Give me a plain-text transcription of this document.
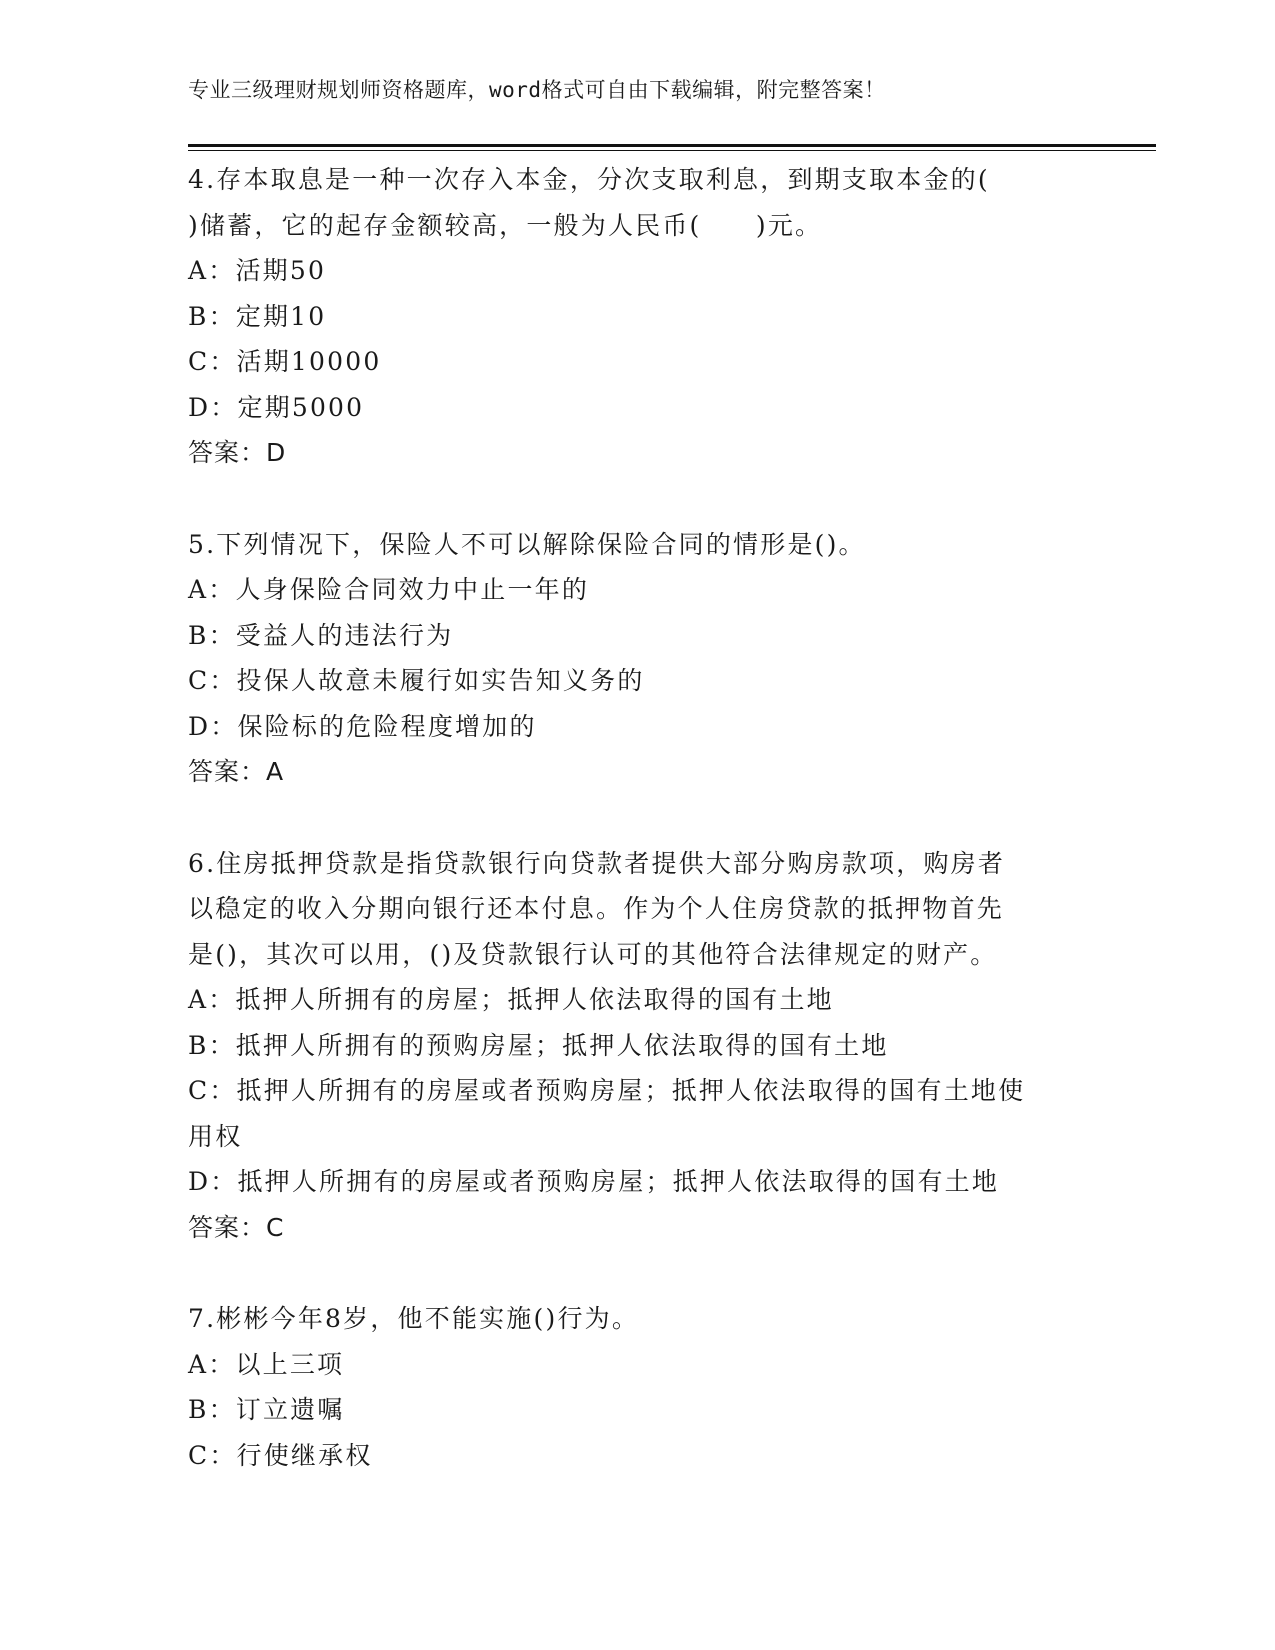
专业三级理财规划师资格题库，word格式可自由下载编辑，附完整答案！
4.存本取息是一种一次存入本金，分次支取利息，到期支取本金的(
)储蓄，它的起存金额较高，一般为人民币(　　)元。
A：活期50
B：定期10
C：活期10000
D：定期5000
答案：D
5.下列情况下，保险人不可以解除保险合同的情形是()。
A：人身保险合同效力中止一年的
B：受益人的违法行为
C：投保人故意未履行如实告知义务的
D：保险标的危险程度增加的
答案：A
6.住房抵押贷款是指贷款银行向贷款者提供大部分购房款项，购房者
以稳定的收入分期向银行还本付息。作为个人住房贷款的抵押物首先
是()，其次可以用，()及贷款银行认可的其他符合法律规定的财产。
A：抵押人所拥有的房屋；抵押人依法取得的国有土地
B：抵押人所拥有的预购房屋；抵押人依法取得的国有土地
C：抵押人所拥有的房屋或者预购房屋；抵押人依法取得的国有土地使
用权
D：抵押人所拥有的房屋或者预购房屋；抵押人依法取得的国有土地
答案：C
7.彬彬今年8岁，他不能实施()行为。
A：以上三项
B：订立遗嘱
C：行使继承权
